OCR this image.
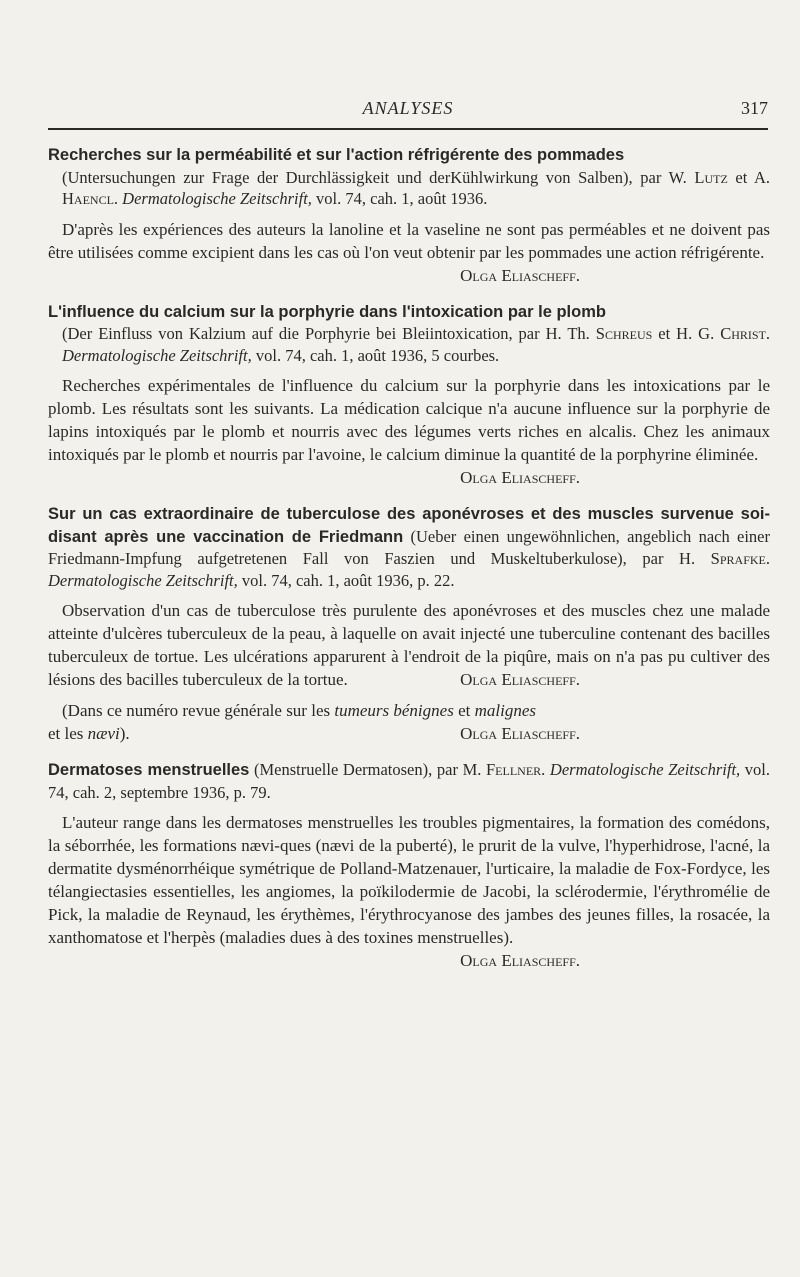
ANALYSES	317

Recherches sur la perméabilité et sur l'action réfrigérente des pommades
(Untersuchungen zur Frage der Durchlässigkeit und derKühlwirkung von Salben), par W. Lutz et A. Haencl. Dermatologische Zeitschrift, vol. 74, cah. 1, août 1936.

D'après les expériences des auteurs la lanoline et la vaseline ne sont pas perméables et ne doivent pas être utilisées comme excipient dans les cas où l'on veut obtenir par les pommades une action réfrigérente.

Olga Eliascheff.

L'influence du calcium sur la porphyrie dans l'intoxication par le plomb
(Der Einfluss von Kalzium auf die Porphyrie bei Bleiintoxication, par H. Th. Schreus et H. G. Christ. Dermatologische Zeitschrift, vol. 74, cah. 1, août 1936, 5 courbes.

Recherches expérimentales de l'influence du calcium sur la porphyrie dans les intoxications par le plomb. Les résultats sont les suivants. La médication calcique n'a aucune influence sur la porphyrie de lapins intoxiqués par le plomb et nourris avec des légumes verts riches en alcalis. Chez les animaux intoxiqués par le plomb et nourris par l'avoine, le calcium diminue la quantité de la porphyrine éliminée.

Olga Eliascheff.

Sur un cas extraordinaire de tuberculose des aponévroses et des muscles survenue soi-disant après une vaccination de Friedmann (Ueber einen ungewöhnlichen, angeblich nach einer Friedmann-Impfung aufgetretenen Fall von Faszien und Muskeltuberkulose), par H. Sprafke. Dermatologische Zeitschrift, vol. 74, cah. 1, août 1936, p. 22.

Observation d'un cas de tuberculose très purulente des aponévroses et des muscles chez une malade atteinte d'ulcères tuberculeux de la peau, à laquelle on avait injecté une tuberculine contenant des bacilles tuberculeux de tortue. Les ulcérations apparurent à l'endroit de la piqûre, mais on n'a pas pu cultiver des lésions des bacilles tuberculeux de la tortue.	Olga Eliascheff.

(Dans ce numéro revue générale sur les tumeurs bénignes et malignes
et les nævi).	Olga Eliascheff.

Dermatoses menstruelles (Menstruelle Dermatosen), par M. Fellner. Dermatologische Zeitschrift, vol. 74, cah. 2, septembre 1936, p. 79.

L'auteur range dans les dermatoses menstruelles les troubles pigmentaires, la formation des comédons, la séborrhée, les formations nævi-ques (nævi de la puberté), le prurit de la vulve, l'hyperhidrose, l'acné, la dermatite dysménorrhéique symétrique de Polland-Matzenauer, l'urticaire, la maladie de Fox-Fordyce, les télangiectasies essentielles, les angiomes, la poïkilodermie de Jacobi, la sclérodermie, l'érythromélie de Pick, la maladie de Reynaud, les érythèmes, l'érythrocyanose des jambes des jeunes filles, la rosacée, la xanthomatose et l'herpès (maladies dues à des toxines menstruelles).
Olga Eliascheff.
